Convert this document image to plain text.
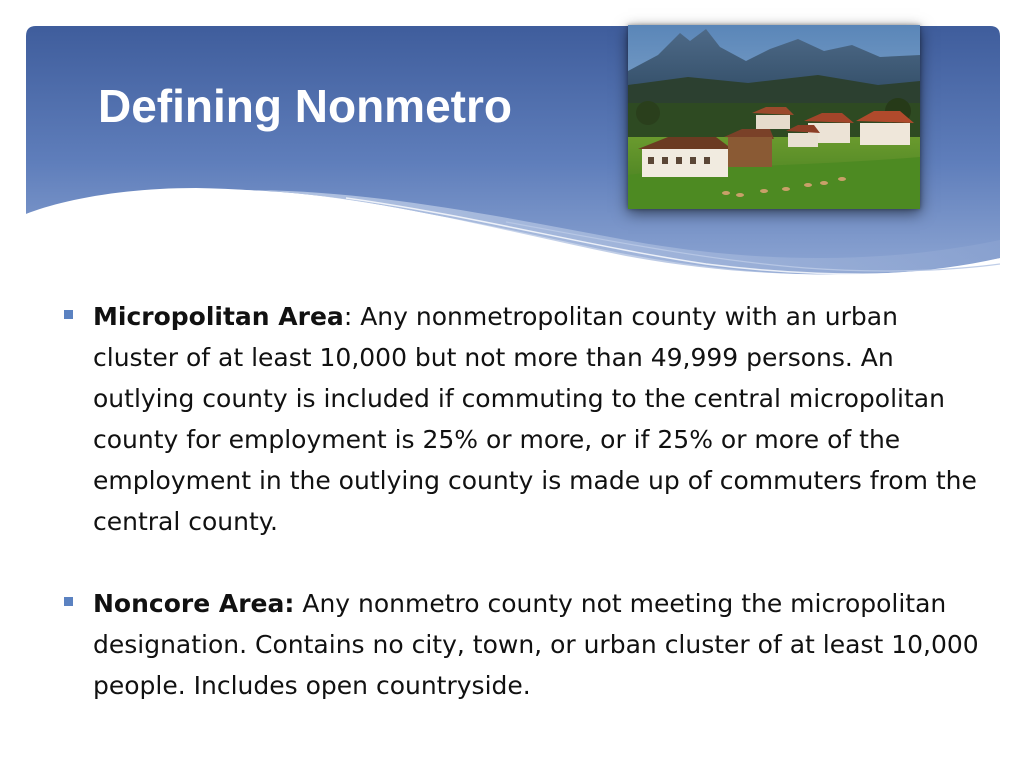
Defining Nonmetro
Micropolitan Area: Any nonmetropolitan county with an urban cluster of at least 10,000 but not more than 49,999 persons. An outlying county is included if commuting to the central micropolitan county for employment is 25% or more, or if 25% or more of the employment in the outlying county is made up of commuters from the central county.
Noncore Area: Any nonmetro county not meeting the micropolitan designation. Contains no city, town, or urban cluster of at least 10,000 people. Includes open countryside.
